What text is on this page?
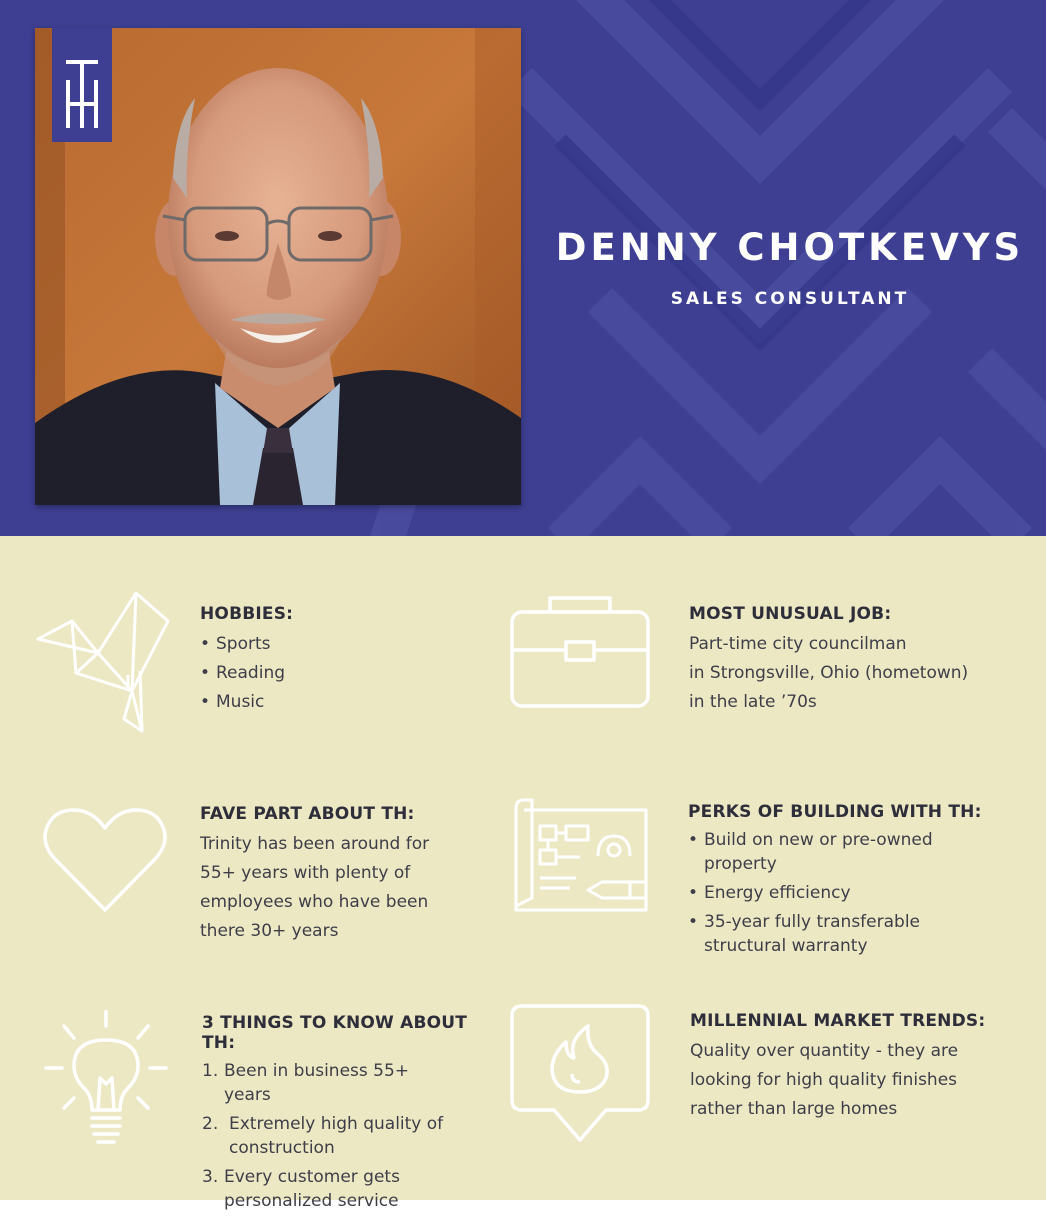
DENNY CHOTKEVYS
SALES CONSULTANT

HOBBIES:

• Sports
• Reading
• Music

MOST UNUSUAL JOB:

Part-time city councilman

in Strongsville, Ohio (hometown)

in the late ’70s

FAVE PART ABOUT TH:

Trinity has been around for

55+ years with plenty of

employees who have been

there 30+ years

PERKS OF BUILDING WITH TH:

• Build on new or pre-owned property
• Energy efficiency
• 35-year fully transferable structural warranty

3 THINGS TO KNOW ABOUT TH:

1. Been in business 55+ years
2. Extremely high quality of construction
3. Every customer gets personalized service

MILLENNIAL MARKET TRENDS:

Quality over quantity - they are

looking for high quality finishes

rather than large homes
